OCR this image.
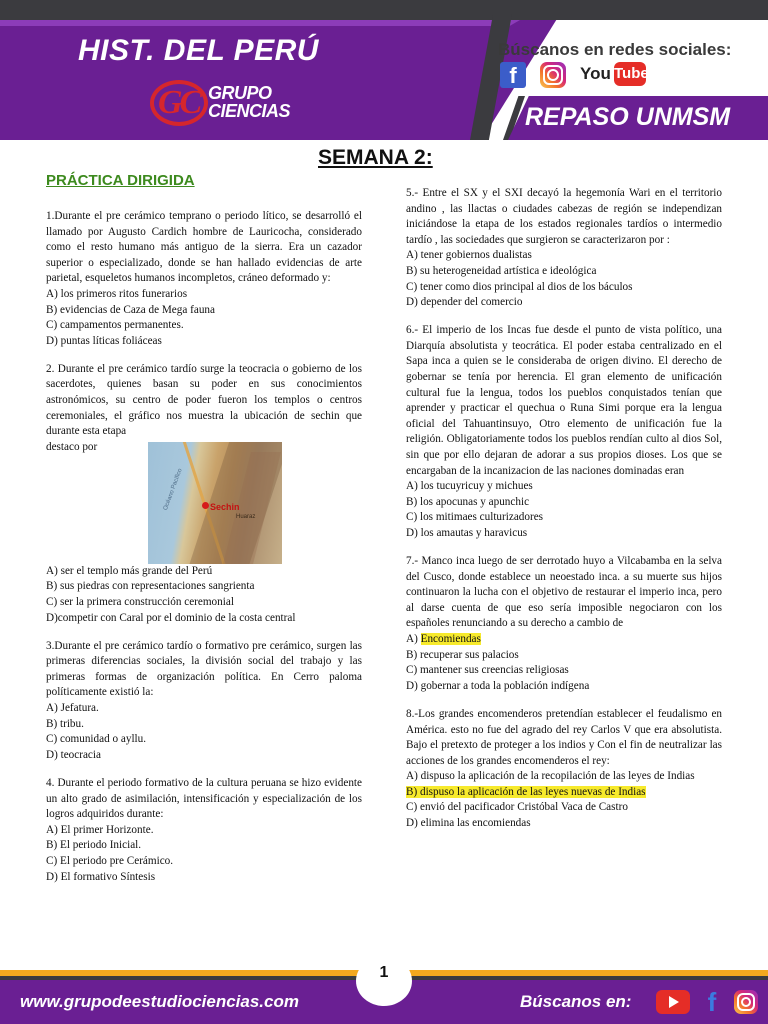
HIST. DEL PERÚ
GC GRUPO
CIENCIAS
Búscanos en redes sociales:
f	You Tube
REPASO UNMSM
SEMANA 2:
PRÁCTICA DIRIGIDA
1.Durante el pre cerámico temprano o periodo lítico, se desarrolló el llamado por Augusto Cardich hombre de Lauricocha, considerado como el resto humano más antiguo de la sierra. Era un cazador superior o especializado, donde se han hallado evidencias de arte parietal, esqueletos humanos incompletos, cráneo deformado y:
A) los primeros ritos funerarios
B) evidencias de Caza de Mega fauna
C) campamentos permanentes.
D) puntas líticas foliáceas
2. Durante el pre cerámico tardío surge la teocracia o gobierno de los sacerdotes, quienes basan su poder en sus conocimientos astronómicos, su centro de poder fueron los templos o centros ceremoniales, el gráfico nos muestra la ubicación de sechin que durante esta etapa
destaco por
Océano Pacífico	Sechin
Huaraz
A) ser el templo más grande del Perú
B) sus piedras con representaciones sangrienta
C) ser la primera construcción ceremonial
D)competir con Caral por el dominio de la costa central
3.Durante el pre cerámico tardío o formativo pre cerámico, surgen las primeras diferencias sociales, la división social del trabajo y las primeras formas de organización política. En Cerro paloma políticamente existió la:
A) Jefatura.
B) tribu.
C) comunidad o ayllu.
D) teocracia
4. Durante el periodo formativo de la cultura peruana se hizo evidente un alto grado de asimilación, intensificación y especialización de los logros adquiridos durante:
A) El primer Horizonte.
B) El periodo Inicial.
C) El periodo pre Cerámico.
D) El formativo Síntesis
5.- Entre el SX y el SXI decayó la hegemonía Wari en el territorio andino , las llactas o ciudades cabezas de región se independizan iniciándose la etapa de los estados regionales tardíos o intermedio tardío , las sociedades que surgieron se caracterizaron por :
A) tener gobiernos dualistas
B) su heterogeneidad artística e ideológica
C) tener como dios principal al dios de los báculos
D) depender del comercio
6.- El imperio de los Incas fue desde el punto de vista político, una Diarquía absolutista y teocrática. El poder estaba centralizado en el Sapa inca a quien se le consideraba de origen divino. El derecho de gobernar se tenía por herencia. El gran elemento de unificación cultural fue la lengua, todos los pueblos conquistados tenían que aprender y practicar el quechua o Runa Simi porque era la lengua oficial del Tahuantinsuyo, Otro elemento de unificación fue la religión. Obligatoriamente todos los pueblos rendían culto al dios Sol, sin que por ello dejaran de adorar a sus propios dioses. Los que se encargaban de la incanizacion de las naciones dominadas eran
A) los tucuyricuy y michues
B) los apocunas y apunchic
C) los mitimaes culturizadores
D) los amautas y haravicus
7.- Manco inca luego de ser derrotado huyo a Vilcabamba en la selva del Cusco, donde establece un neoestado inca. a su muerte sus hijos continuaron la lucha con el objetivo de restaurar el imperio inca, pero al darse cuenta de que eso sería imposible negociaron con los españoles renunciando a su derecho a cambio de
A) Encomiendas
B) recuperar sus palacios
C) mantener sus creencias religiosas
D) gobernar a toda la población indígena
8.-Los grandes encomenderos pretendían establecer el feudalismo en América. esto no fue del agrado del rey Carlos V que era absolutista. Bajo el pretexto de proteger a los indios y Con el fin de neutralizar las acciones de los grandes encomenderos el rey:
A) dispuso la aplicación de la recopilación de las leyes de Indias
B) dispuso la aplicación de las leyes nuevas de Indias
C) envió del pacificador Cristóbal Vaca de Castro
D) elimina las encomiendas
www.grupodeestudiociencias.com
1
Búscanos en:	f
